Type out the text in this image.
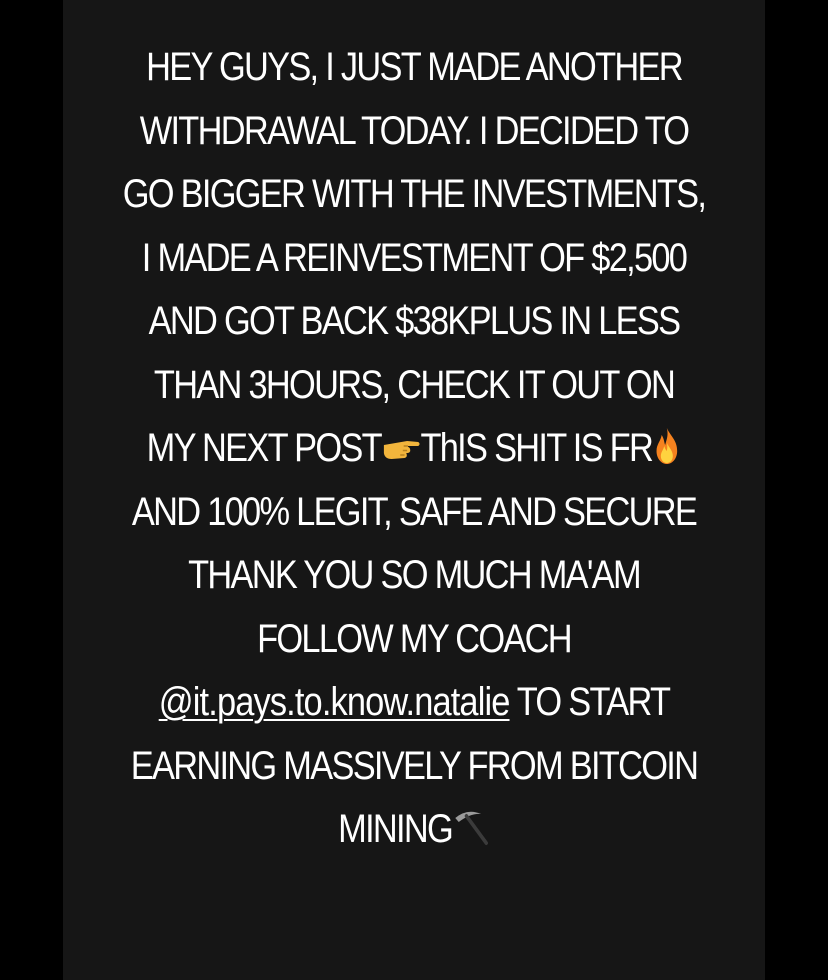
HEY GUYS, I JUST MADE ANOTHER
WITHDRAWAL TODAY. I DECIDED TO
GO BIGGER WITH THE INVESTMENTS,
I MADE A REINVESTMENT OF $2,500
AND GOT BACK $38KPLUS IN LESS
THAN 3HOURS, CHECK IT OUT ON
MY NEXT POST ThIS SHIT IS FR
AND 100% LEGIT, SAFE AND SECURE
THANK YOU SO MUCH MA'AM
FOLLOW MY COACH
@it.pays.to.know.natalie TO START
EARNING MASSIVELY FROM BITCOIN
MINING
